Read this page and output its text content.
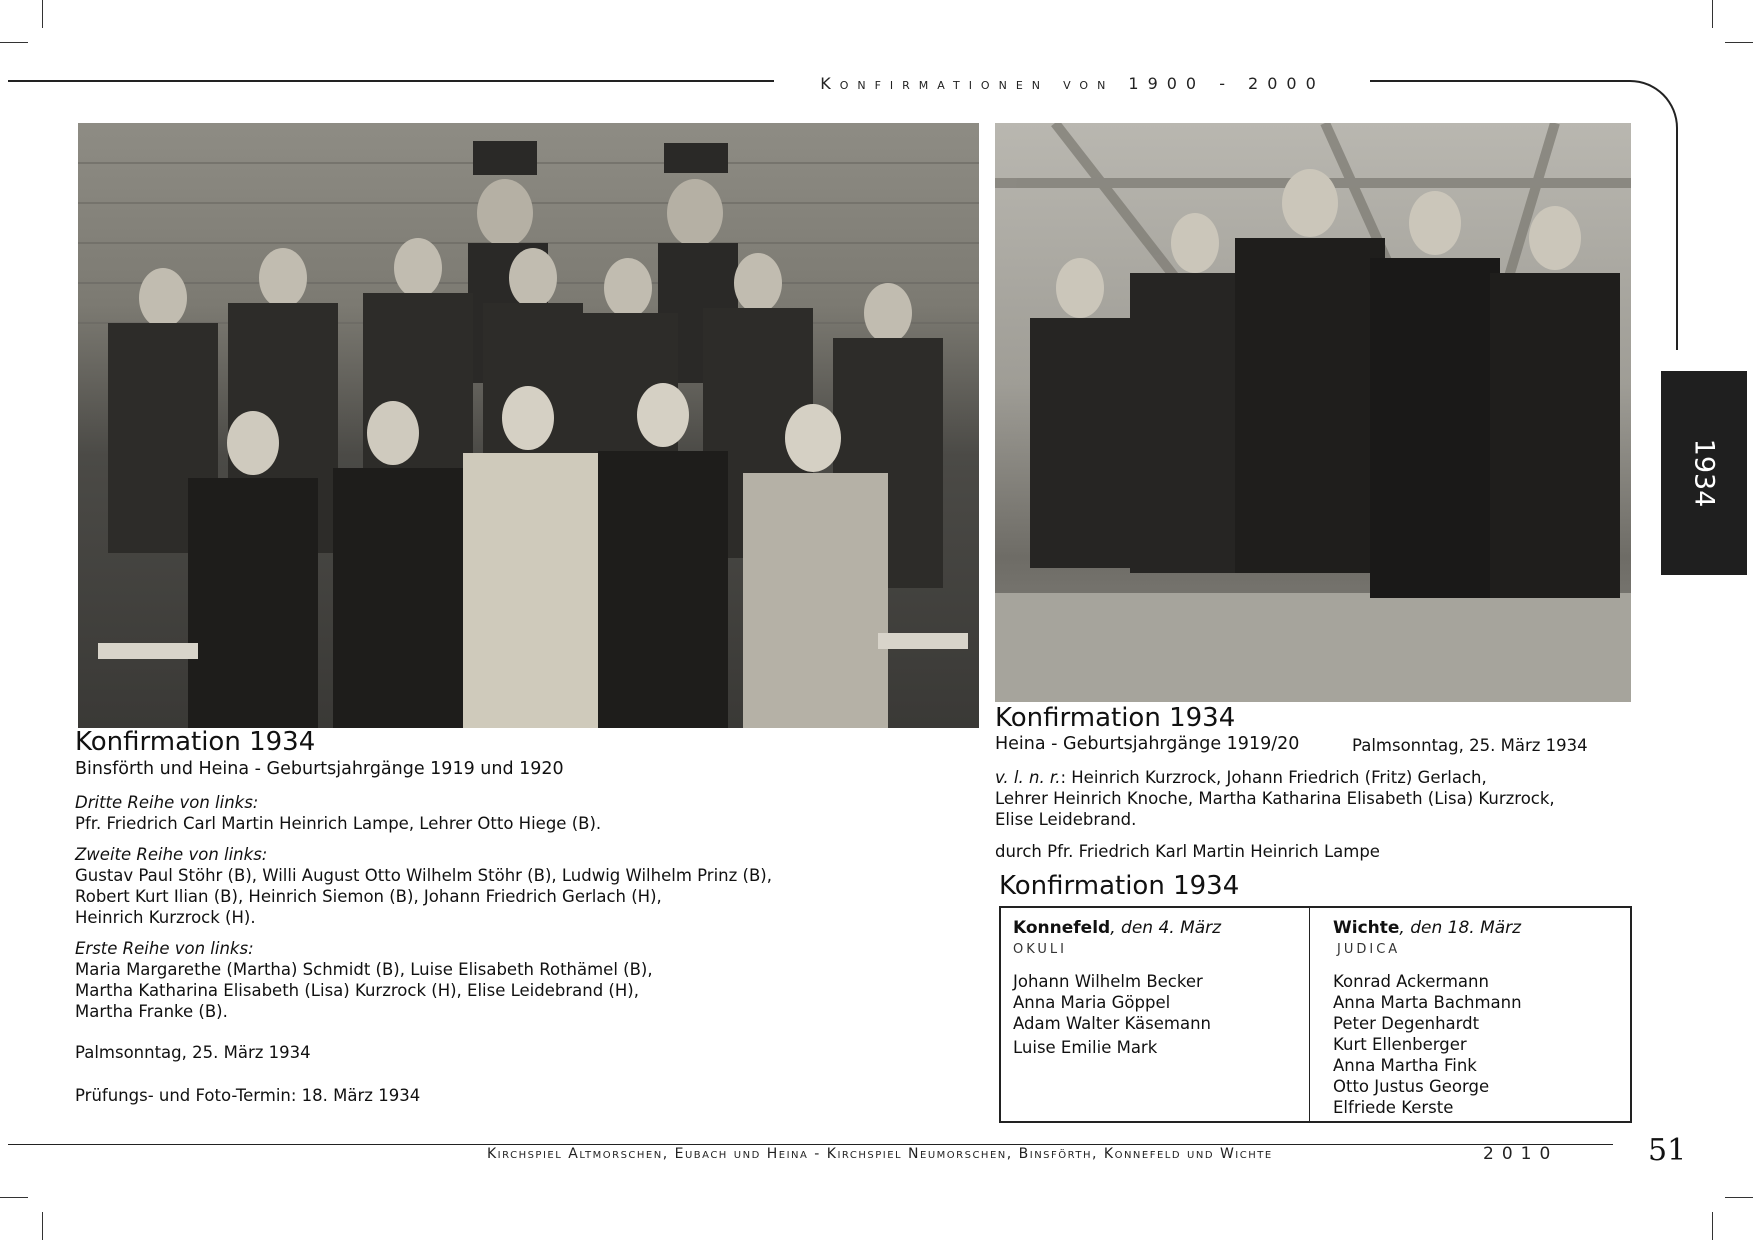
Konfirmationen von 1900 - 2000
1934
Konfirmation 1934
Binsförth und Heina - Geburtsjahrgänge 1919 und 1920
Dritte Reihe von links:
Pfr. Friedrich Carl Martin Heinrich Lampe, Lehrer Otto Hiege (B).
Zweite Reihe von links:
Gustav Paul Stöhr (B), Willi August Otto Wilhelm Stöhr (B), Ludwig Wilhelm Prinz (B),
Robert Kurt Ilian (B), Heinrich Siemon (B), Johann Friedrich Gerlach (H),
Heinrich Kurzrock (H).
Erste Reihe von links:
Maria Margarethe (Martha) Schmidt (B), Luise Elisabeth Rothämel (B),
Martha Katharina Elisabeth (Lisa) Kurzrock (H), Elise Leidebrand (H),
Martha Franke (B).
Palmsonntag, 25. März 1934
Prüfungs- und Foto-Termin: 18. März 1934
Konfirmation 1934
Heina - Geburtsjahrgänge 1919/20	Palmsonntag, 25. März 1934
v. l. n. r.: Heinrich Kurzrock, Johann Friedrich (Fritz) Gerlach,
Lehrer Heinrich Knoche, Martha Katharina Elisabeth (Lisa) Kurzrock,
Elise Leidebrand.
durch Pfr. Friedrich Karl Martin Heinrich Lampe
Konfirmation 1934
Konnefeld, den 4. März
OKULI
Johann Wilhelm Becker
Anna Maria Göppel
Adam Walter Käsemann
Luise Emilie Mark
Wichte, den 18. März
JUDICA
Konrad Ackermann
Anna Marta Bachmann
Peter Degenhardt
Kurt Ellenberger
Anna Martha Fink
Otto Justus George
Elfriede Kerste
Kirchspiel Altmorschen, Eubach und Heina - Kirchspiel Neumorschen, Binsförth, Konnefeld und Wichte	2010	51
